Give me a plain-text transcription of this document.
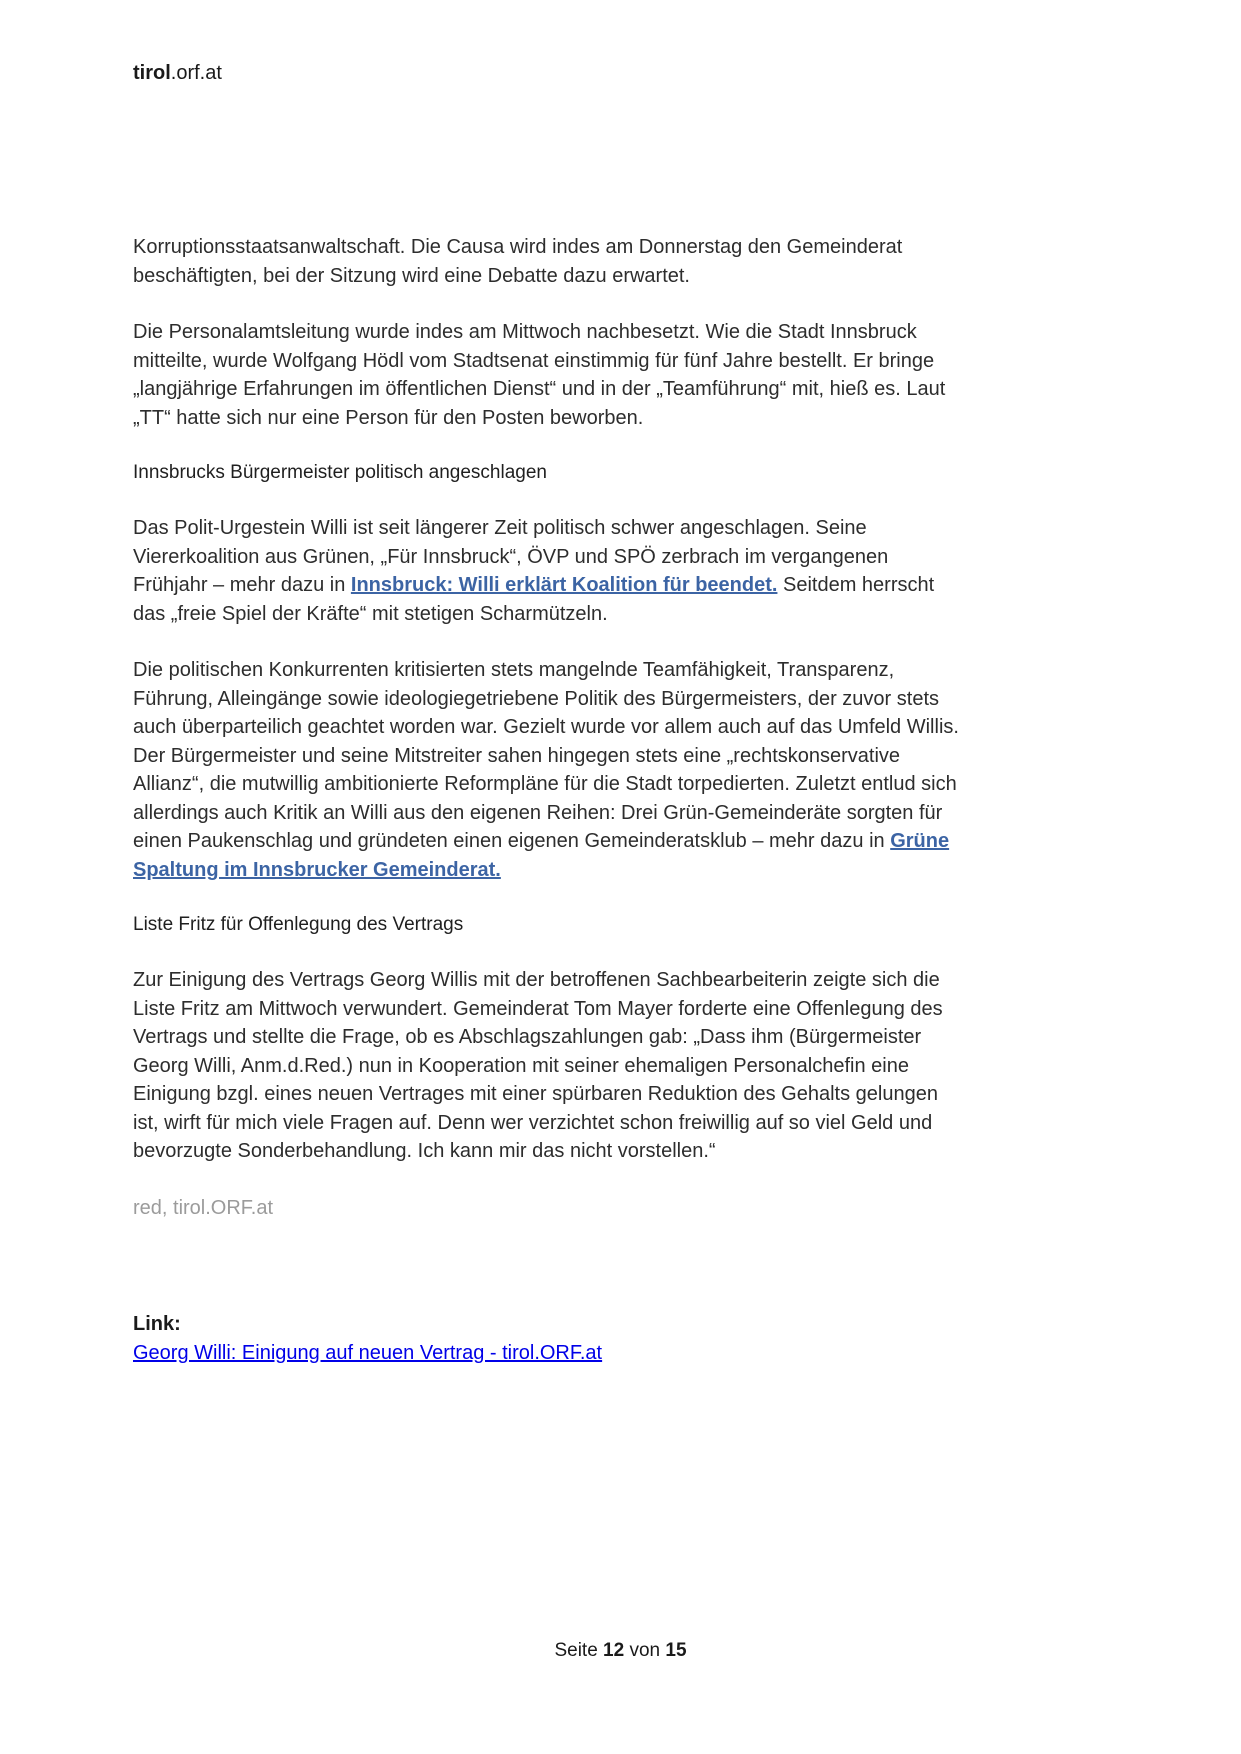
tirol.orf.at

Korruptionsstaatsanwaltschaft. Die Causa wird indes am Donnerstag den Gemeinderat beschäftigten, bei der Sitzung wird eine Debatte dazu erwartet.

Die Personalamtsleitung wurde indes am Mittwoch nachbesetzt. Wie die Stadt Innsbruck mitteilte, wurde Wolfgang Hödl vom Stadtsenat einstimmig für fünf Jahre bestellt. Er bringe „langjährige Erfahrungen im öffentlichen Dienst“ und in der „Teamführung“ mit, hieß es. Laut „TT“ hatte sich nur eine Person für den Posten beworben.

Innsbrucks Bürgermeister politisch angeschlagen

Das Polit-Urgestein Willi ist seit längerer Zeit politisch schwer angeschlagen. Seine Viererkoalition aus Grünen, „Für Innsbruck“, ÖVP und SPÖ zerbrach im vergangenen Frühjahr – mehr dazu in Innsbruck: Willi erklärt Koalition für beendet. Seitdem herrscht das „freie Spiel der Kräfte“ mit stetigen Scharmützeln.

Die politischen Konkurrenten kritisierten stets mangelnde Teamfähigkeit, Transparenz, Führung, Alleingänge sowie ideologiegetriebene Politik des Bürgermeisters, der zuvor stets auch überparteilich geachtet worden war. Gezielt wurde vor allem auch auf das Umfeld Willis. Der Bürgermeister und seine Mitstreiter sahen hingegen stets eine „rechtskonservative Allianz“, die mutwillig ambitionierte Reformpläne für die Stadt torpedierten. Zuletzt entlud sich allerdings auch Kritik an Willi aus den eigenen Reihen: Drei Grün-Gemeinderäte sorgten für einen Paukenschlag und gründeten einen eigenen Gemeinderatsklub – mehr dazu in Grüne Spaltung im Innsbrucker Gemeinderat.

Liste Fritz für Offenlegung des Vertrags

Zur Einigung des Vertrags Georg Willis mit der betroffenen Sachbearbeiterin zeigte sich die Liste Fritz am Mittwoch verwundert. Gemeinderat Tom Mayer forderte eine Offenlegung des Vertrags und stellte die Frage, ob es Abschlagszahlungen gab: „Dass ihm (Bürgermeister Georg Willi, Anm.d.Red.) nun in Kooperation mit seiner ehemaligen Personalchefin eine Einigung bzgl. eines neuen Vertrages mit einer spürbaren Reduktion des Gehalts gelungen ist, wirft für mich viele Fragen auf. Denn wer verzichtet schon freiwillig auf so viel Geld und bevorzugte Sonderbehandlung. Ich kann mir das nicht vorstellen.“

red, tirol.ORF.at

Link:
Georg Willi: Einigung auf neuen Vertrag - tirol.ORF.at
Seite 12 von 15
